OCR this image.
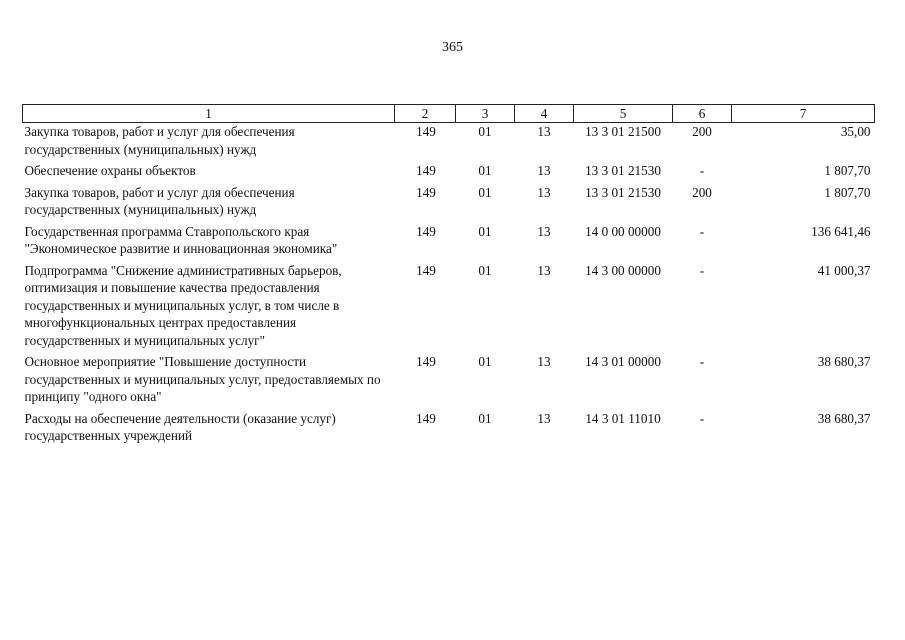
365
1	2	3	4	5	6	7
Закупка товаров, работ и услуг для обеспечения государственных (муниципальных) нужд	149	01	13	13 3 01 21500	200	35,00
Обеспечение охраны объектов	149	01	13	13 3 01 21530	-	1 807,70
Закупка товаров, работ и услуг для обеспечения государственных (муниципальных) нужд	149	01	13	13 3 01 21530	200	1 807,70
Государственная программа Ставропольского края "Экономическое развитие и инновационная экономика"	149	01	13	14 0 00 00000	-	136 641,46
Подпрограмма "Снижение административных барьеров, оптимизация и повышение качества предоставления государственных и муниципальных услуг, в том числе в многофункциональных центрах предоставления государственных и муниципальных услуг"	149	01	13	14 3 00 00000	-	41 000,37
Основное мероприятие "Повышение доступности государственных и муниципальных услуг, предоставляемых по принципу "одного окна"	149	01	13	14 3 01 00000	-	38 680,37
Расходы на обеспечение деятельности (оказание услуг) государственных учреждений	149	01	13	14 3 01 11010	-	38 680,37
